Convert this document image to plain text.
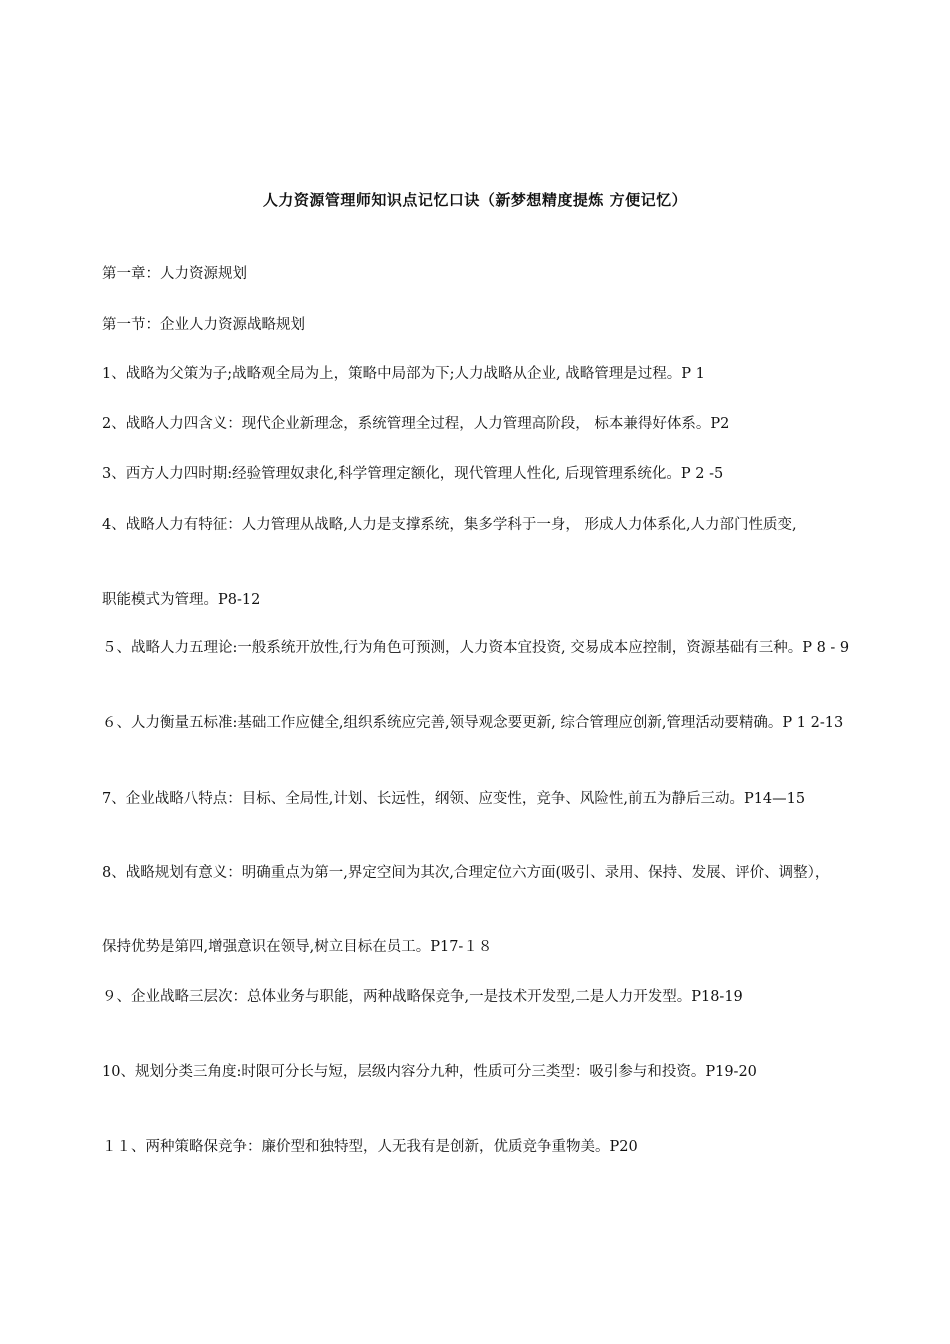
人力资源管理师知识点记忆口诀（新梦想精度提炼 方便记忆）
第一章：人力资源规划
第一节：企业人力资源战略规划
1、战略为父策为子;战略观全局为上，策略中局部为下;人力战略从企业, 战略管理是过程。P 1
2、战略人力四含义：现代企业新理念，系统管理全过程，人力管理高阶段， 标本兼得好体系。P2
3、西方人力四时期:经验管理奴隶化,科学管理定额化，现代管理人性化, 后现管理系统化。P 2 -5
4、战略人力有特征：人力管理从战略,人力是支撑系统，集多学科于一身， 形成人力体系化,人力部门性质变,
职能模式为管理。P8-12
５、战略人力五理论:一般系统开放性,行为角色可预测，人力资本宜投资, 交易成本应控制，资源基础有三种。P 8 - 9
６、人力衡量五标准:基础工作应健全,组织系统应完善,领导观念要更新, 综合管理应创新,管理活动要精确。P 1 2-13
7、企业战略八特点：目标、全局性,计划、长远性，纲领、应变性，竞争、风险性,前五为静后三动。P14—15
8、战略规划有意义：明确重点为第一,界定空间为其次,合理定位六方面(吸引、录用、保持、发展、评价、调整），
保持优势是第四,增强意识在领导,树立目标在员工。P17-１８
９、企业战略三层次：总体业务与职能，两种战略保竞争,一是技术开发型,二是人力开发型。P18-19
10、规划分类三角度:时限可分长与短，层级内容分九种，性质可分三类型：吸引参与和投资。P19-20
１１、两种策略保竞争：廉价型和独特型，人无我有是创新，优质竞争重物美。P20
